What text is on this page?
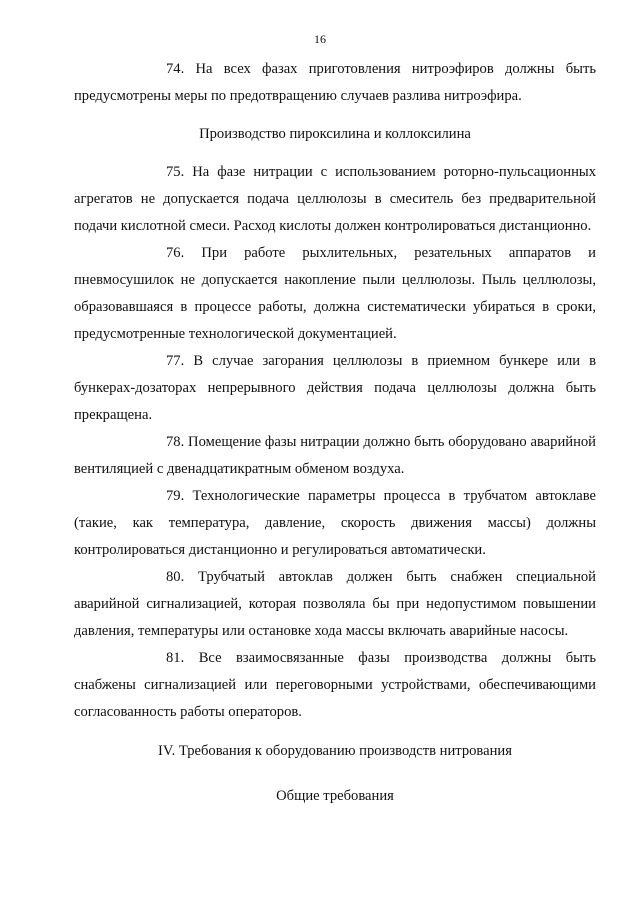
16

74. На всех фазах приготовления нитроэфиров должны быть предусмотрены меры по предотвращению случаев разлива нитроэфира.

Производство пироксилина и коллоксилина

75. На фазе нитрации с использованием роторно-пульсационных агрегатов не допускается подача целлюлозы в смеситель без предварительной подачи кислотной смеси. Расход кислоты должен контролироваться дистанционно.

76. При работе рыхлительных, резательных аппаратов и пневмосушилок не допускается накопление пыли целлюлозы. Пыль целлюлозы, образовавшаяся в процессе работы, должна систематически убираться в сроки, предусмотренные технологической документацией.

77. В случае загорания целлюлозы в приемном бункере или в бункерах-дозаторах непрерывного действия подача целлюлозы должна быть прекращена.

78. Помещение фазы нитрации должно быть оборудовано аварийной вентиляцией с двенадцатикратным обменом воздуха.

79. Технологические параметры процесса в трубчатом автоклаве (такие, как температура, давление, скорость движения массы) должны контролироваться дистанционно и регулироваться автоматически.

80. Трубчатый автоклав должен быть снабжен специальной аварийной сигнализацией, которая позволяла бы при недопустимом повышении давления, температуры или остановке хода массы включать аварийные насосы.

81. Все взаимосвязанные фазы производства должны быть снабжены сигнализацией или переговорными устройствами, обеспечивающими согласованность работы операторов.

IV. Требования к оборудованию производств нитрования

Общие требования
